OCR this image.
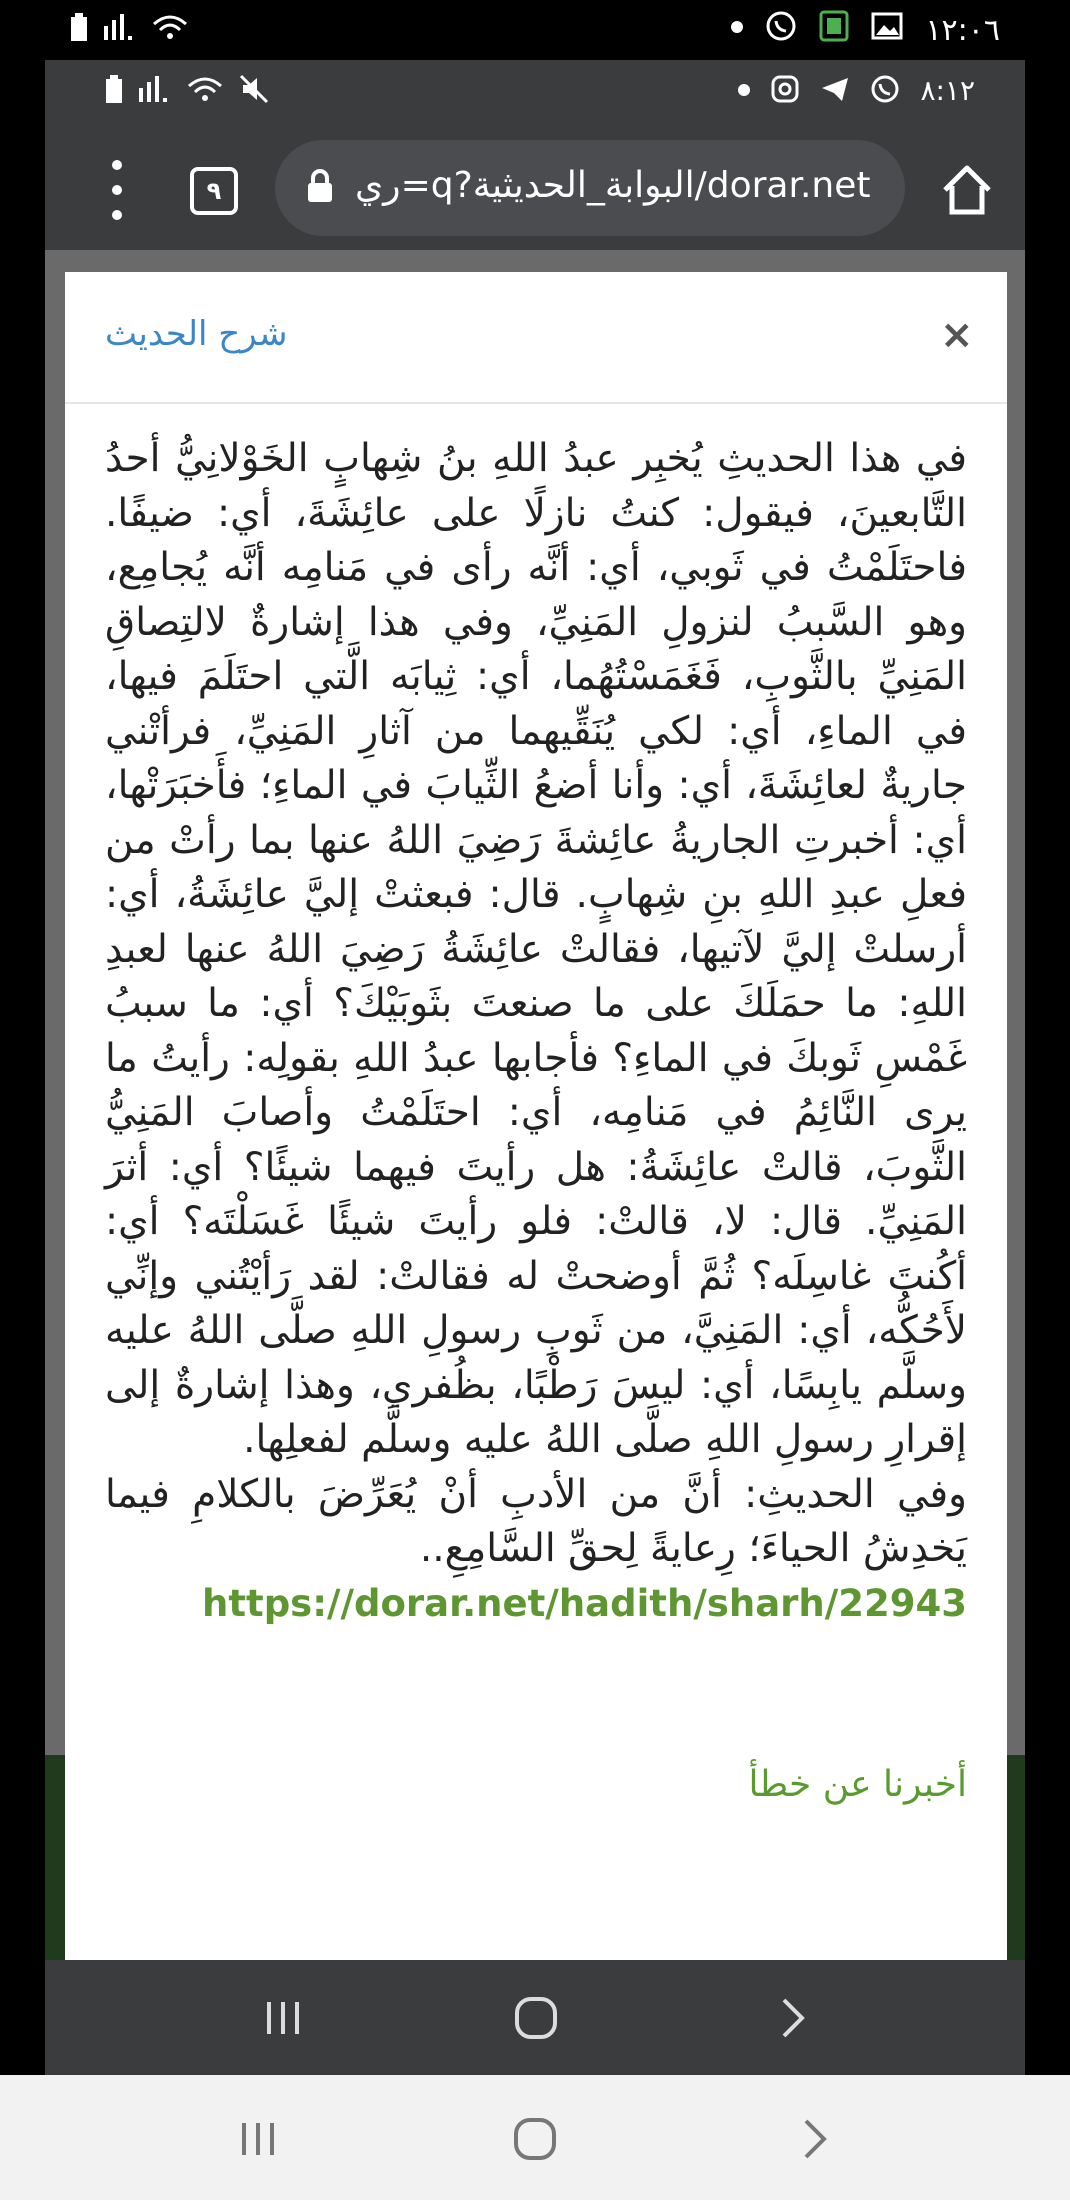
١٢:٠٦
٨:١٢
٩	ري=q?البوابة_الحديثية/dorar.net
×
شرح الحديث

في هذا الحديثِ يُخبِر عبدُ اللهِ بنُ شِهابٍ الخَوْلانِيُّ أحدُ التَّابعينَ، فيقول: كنتُ نازلًا على عائِشَةَ، أي: ضيفًا. فاحتَلَمْتُ في ثَوبي، أي: أنَّه رأى في مَنامِه أنَّه يُجامِع، وهو السَّببُ لنزولِ المَنِيِّ، وفي هذا إشارةٌ لالتِصاقِ المَنِيِّ بالثَّوبِ، فَغَمَسْتُهُما، أي: ثِيابَه الَّتي احتَلَمَ فيها، في الماءِ، أي: لكي يُنَقِّيهما من آثارِ المَنِيِّ، فرأتْني جاريةٌ لعائِشَةَ، أي: وأنا أضعُ الثِّيابَ في الماءِ؛ فأَخبَرَتْها، أي: أخبرتِ الجاريةُ عائِشةَ رَضِيَ اللهُ عنها بما رأتْ من فعلِ عبدِ اللهِ بنِ شِهابٍ. قال: فبعثتْ إليَّ عائِشَةُ، أي: أرسلتْ إليَّ لآتيها، فقالتْ عائِشَةُ رَضِيَ اللهُ عنها لعبدِ اللهِ: ما حمَلَكَ على ما صنعتَ بثَوبَيْكَ؟ أي: ما سببُ غَمْسِ ثَوبكَ في الماءِ؟ فأجابها عبدُ اللهِ بقولِه: رأيتُ ما يرى النَّائِمُ في مَنامِه، أي: احتَلَمْتُ وأصابَ المَنِيُّ الثَّوبَ، قالتْ عائِشَةُ: هل رأيتَ فيهما شيئًا؟ أي: أثرَ المَنِيِّ. قال: لا، قالتْ: فلو رأيتَ شيئًا غَسَلْتَه؟ أي: أكُنتَ غاسِلَه؟ ثُمَّ أوضحتْ له فقالتْ: لقد رَأيْتُني وإنِّي لأَحُكُّه، أي: المَنِيَّ، من ثَوبِ رسولِ اللهِ صلَّى اللهُ عليه وسلَّم يابِسًا، أي: ليسَ رَطْبًا، بظُفري، وهذا إشارةٌ إلى إقرارِ رسولِ اللهِ صلَّى اللهُ عليه وسلَّم لفعلِها.

وفي الحديثِ: أنَّ من الأدبِ أنْ يُعَرِّضَ بالكلامِ فيما يَخدِشُ الحياءَ؛ رِعايةً لِحقِّ السَّامِعِ..

https://dorar.net/hadith/sharh/22943
أخبرنا عن خطأ
